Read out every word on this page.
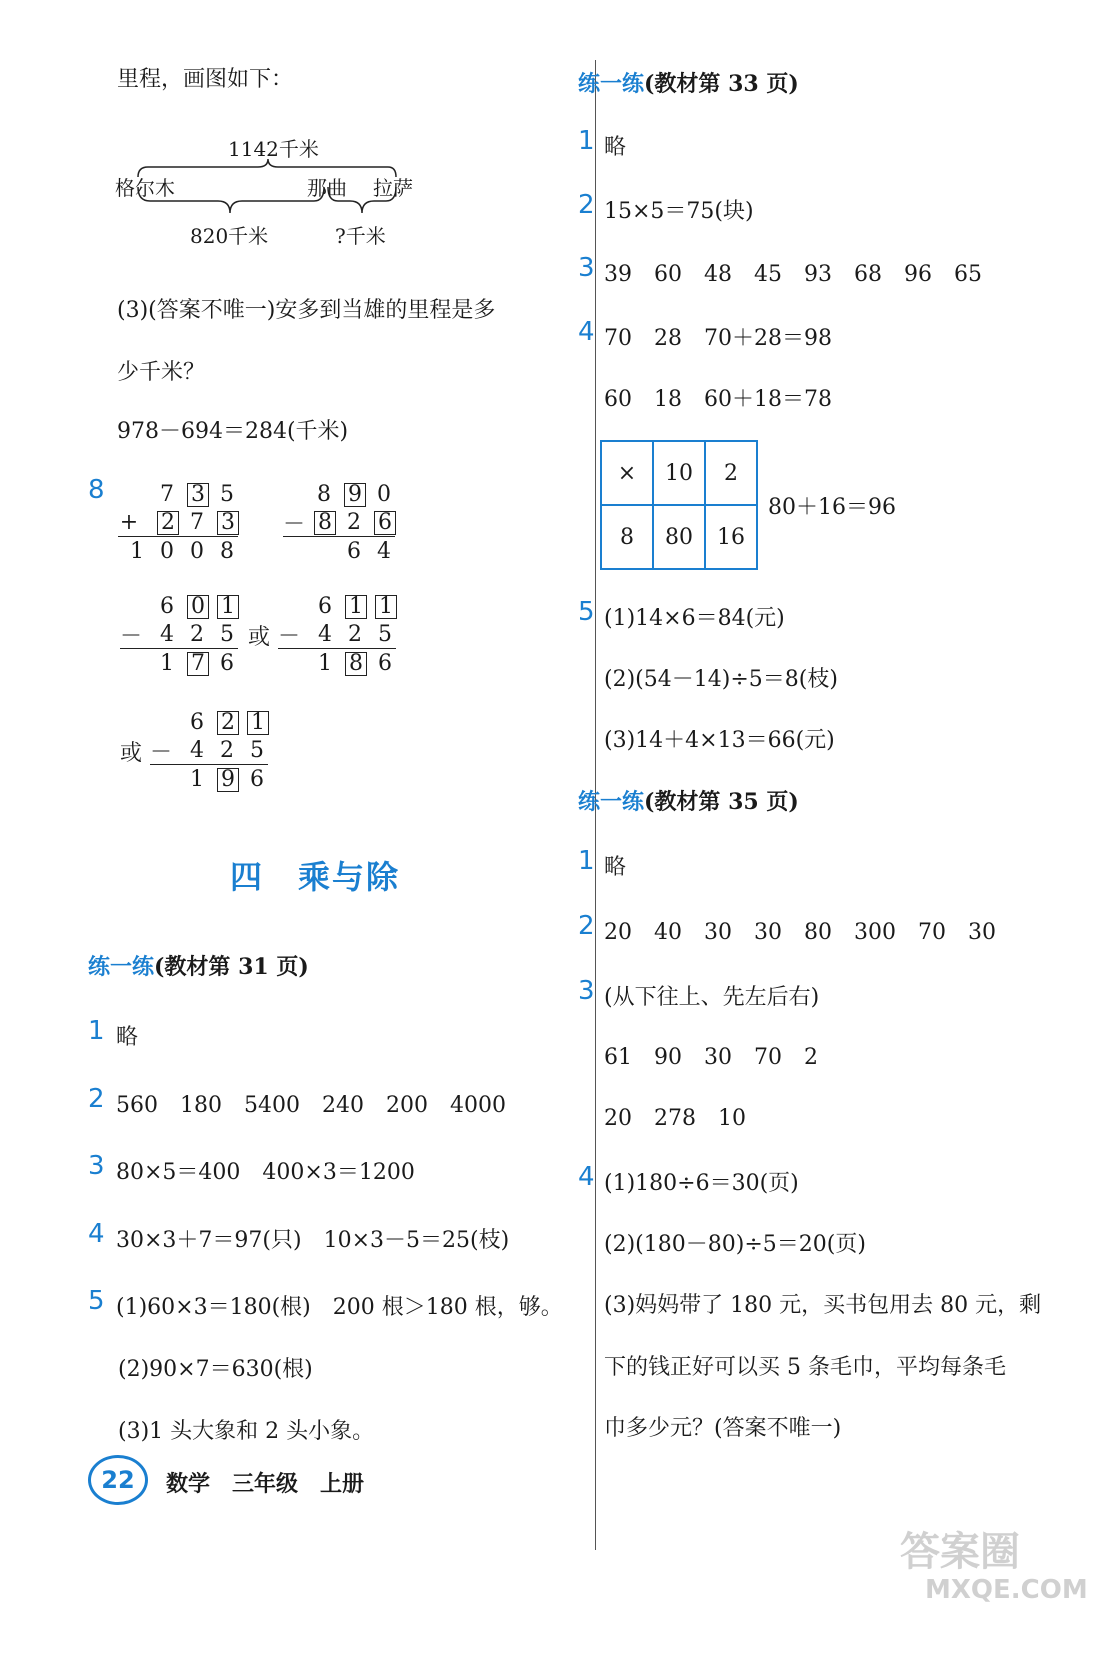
里程，画图如下：
1142千米
格尔木	那曲 拉萨
820千米	?千米
(3)(答案不唯一)安多到当雄的里程是多
少千米？
978－694＝284(千米)
8	7 3 5
+ 2 7 3
1 0 0 8
8 9 0
－ 8 2 6
6 4
6 0 1
－ 4 2 5
1 7 6
或
6 1 1
－ 4 2 5
1 8 6
或
6 2 1
－ 4 2 5
1 9 6
四　乘与除
练一练(教材第 31 页)
1 略
2 560　180　5400　240　200　4000
3 80×5＝400　400×3＝1200
4 30×3＋7＝97(只)　10×3－5＝25(枝)
5 (1)60×3＝180(根)　200 根＞180 根，够。
(2)90×7＝630(根)
(3)1 头大象和 2 头小象。
练一练(教材第 33 页)
1 略
2 15×5＝75(块)
3 39　60　48　45　93　68　96　65
4 70　28　70＋28＝98
60　18　60＋18＝78
×	10	2
8	80	16
80＋16＝96
5 (1)14×6＝84(元)
(2)(54－14)÷5＝8(枝)
(3)14＋4×13＝66(元)
练一练(教材第 35 页)
1 略
2 20　40　30　30　80　300　70　30
3 (从下往上、先左后右)
61　90　30　70　2
20　278　10
4 (1)180÷6＝30(页)
(2)(180－80)÷5＝20(页)
(3)妈妈带了 180 元，买书包用去 80 元，剩
下的钱正好可以买 5 条毛巾，平均每条毛
巾多少元？(答案不唯一)
22	数学　三年级　上册
答案圈
MXQE.COM
